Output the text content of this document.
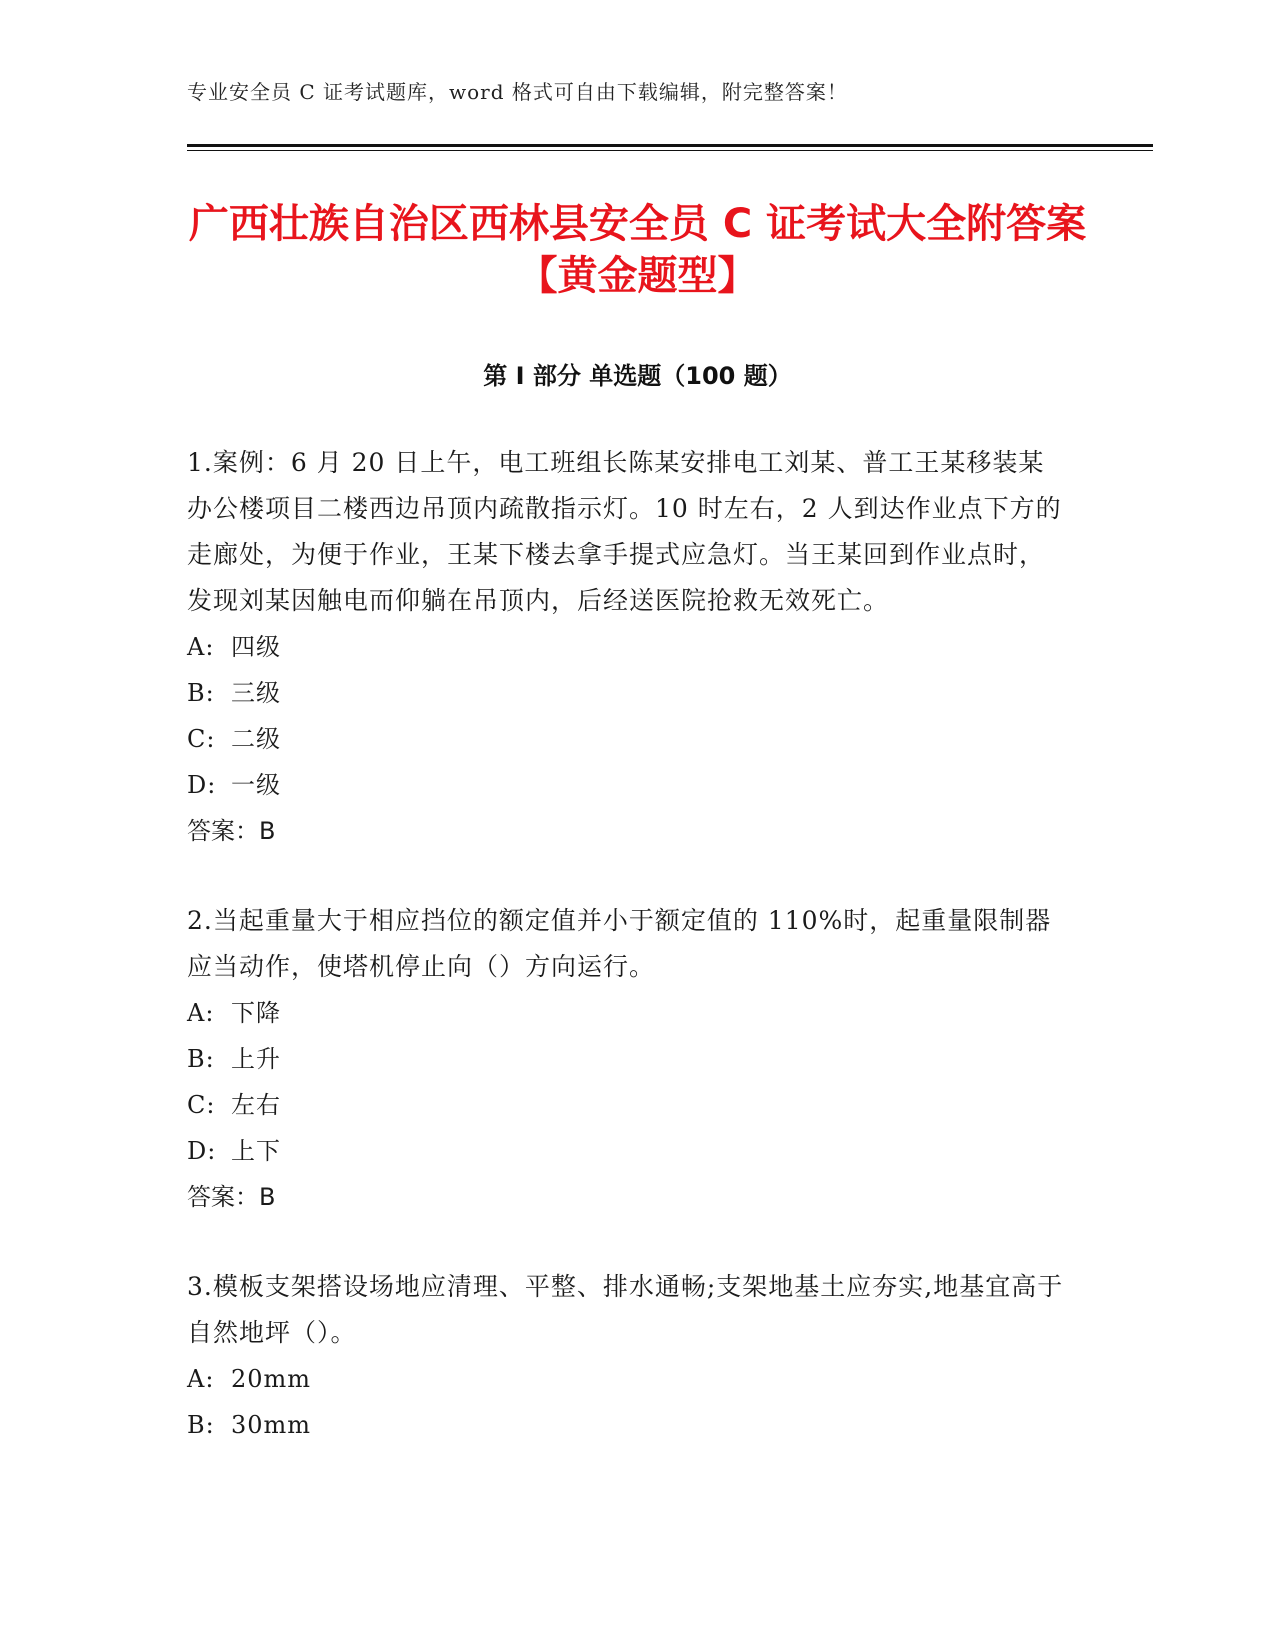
专业安全员 C 证考试题库，word 格式可自由下载编辑，附完整答案！
广西壮族自治区西林县安全员 C 证考试大全附答案【黄金题型】
第 I 部分 单选题（100 题）

1.案例：6 月 20 日上午，电工班组长陈某安排电工刘某、普工王某移装某办公楼项目二楼西边吊顶内疏散指示灯。10 时左右，2 人到达作业点下方的走廊处，为便于作业，王某下楼去拿手提式应急灯。当王某回到作业点时，发现刘某因触电而仰躺在吊顶内，后经送医院抢救无效死亡。

A: 四级

B: 三级

C: 二级

D: 一级

答案：B

2.当起重量大于相应挡位的额定值并小于额定值的 110%时，起重量限制器应当动作，使塔机停止向（）方向运行。

A: 下降

B: 上升

C: 左右

D: 上下

答案：B

3.模板支架搭设场地应清理、平整、排水通畅;支架地基土应夯实,地基宜高于自然地坪（）。

A: 20mm

B: 30mm
